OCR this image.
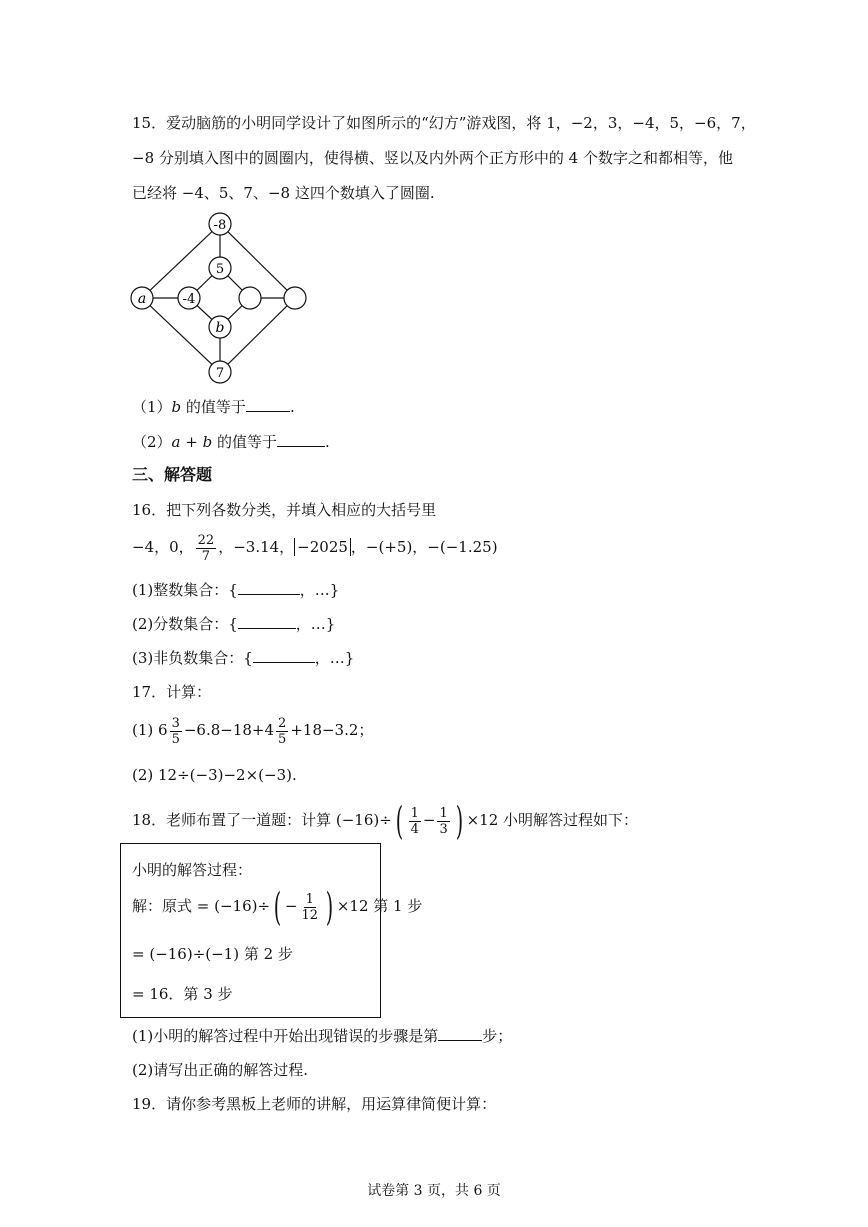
15．爱动脑筋的小明同学设计了如图所示的“幻方”游戏图，将 1，−2，3，−4，5，−6，7，
−8 分别填入图中的圆圈内，使得横、竖以及内外两个正方形中的 4 个数字之和都相等，他
已经将 −4、5、7、−8 这四个数填入了圆圈.
-8
a
7
5
-4
b
（1）b 的值等于	.
（2）a + b 的值等于	.
三、解答题
16．把下列各数分类，并填入相应的大括号里
−4，0， $\frac{22}{7}$ ，−3.14， −2025 ，−(+5)，−(−1.25)
(1)整数集合：{	，…}
(2)分数集合：{	，…}
(3)非负数集合：{	，…}
17．计算：
(1) $6 \frac{3}{5} -6.8-18+4 \frac{2}{5} +18-3.2$；
(2) 12÷(−3)−2×(−3).
18．老师布置了一道题：计算 $(-16)\div( \frac{1}{4} - \frac{1}{3}$ ) ×12 小明解答过程如下：
小明的解答过程：
解：原式 = $(-16)\div( - \frac{1}{12}$ ) ×12 第 1 步
= (−16)÷(−1) 第 2 步
= 16．第 3 步
(1)小明的解答过程中开始出现错误的步骤是第	步；
(2)请写出正确的解答过程.
19．请你参考黑板上老师的讲解，用运算律简便计算：
试卷第 3 页，共 6 页
